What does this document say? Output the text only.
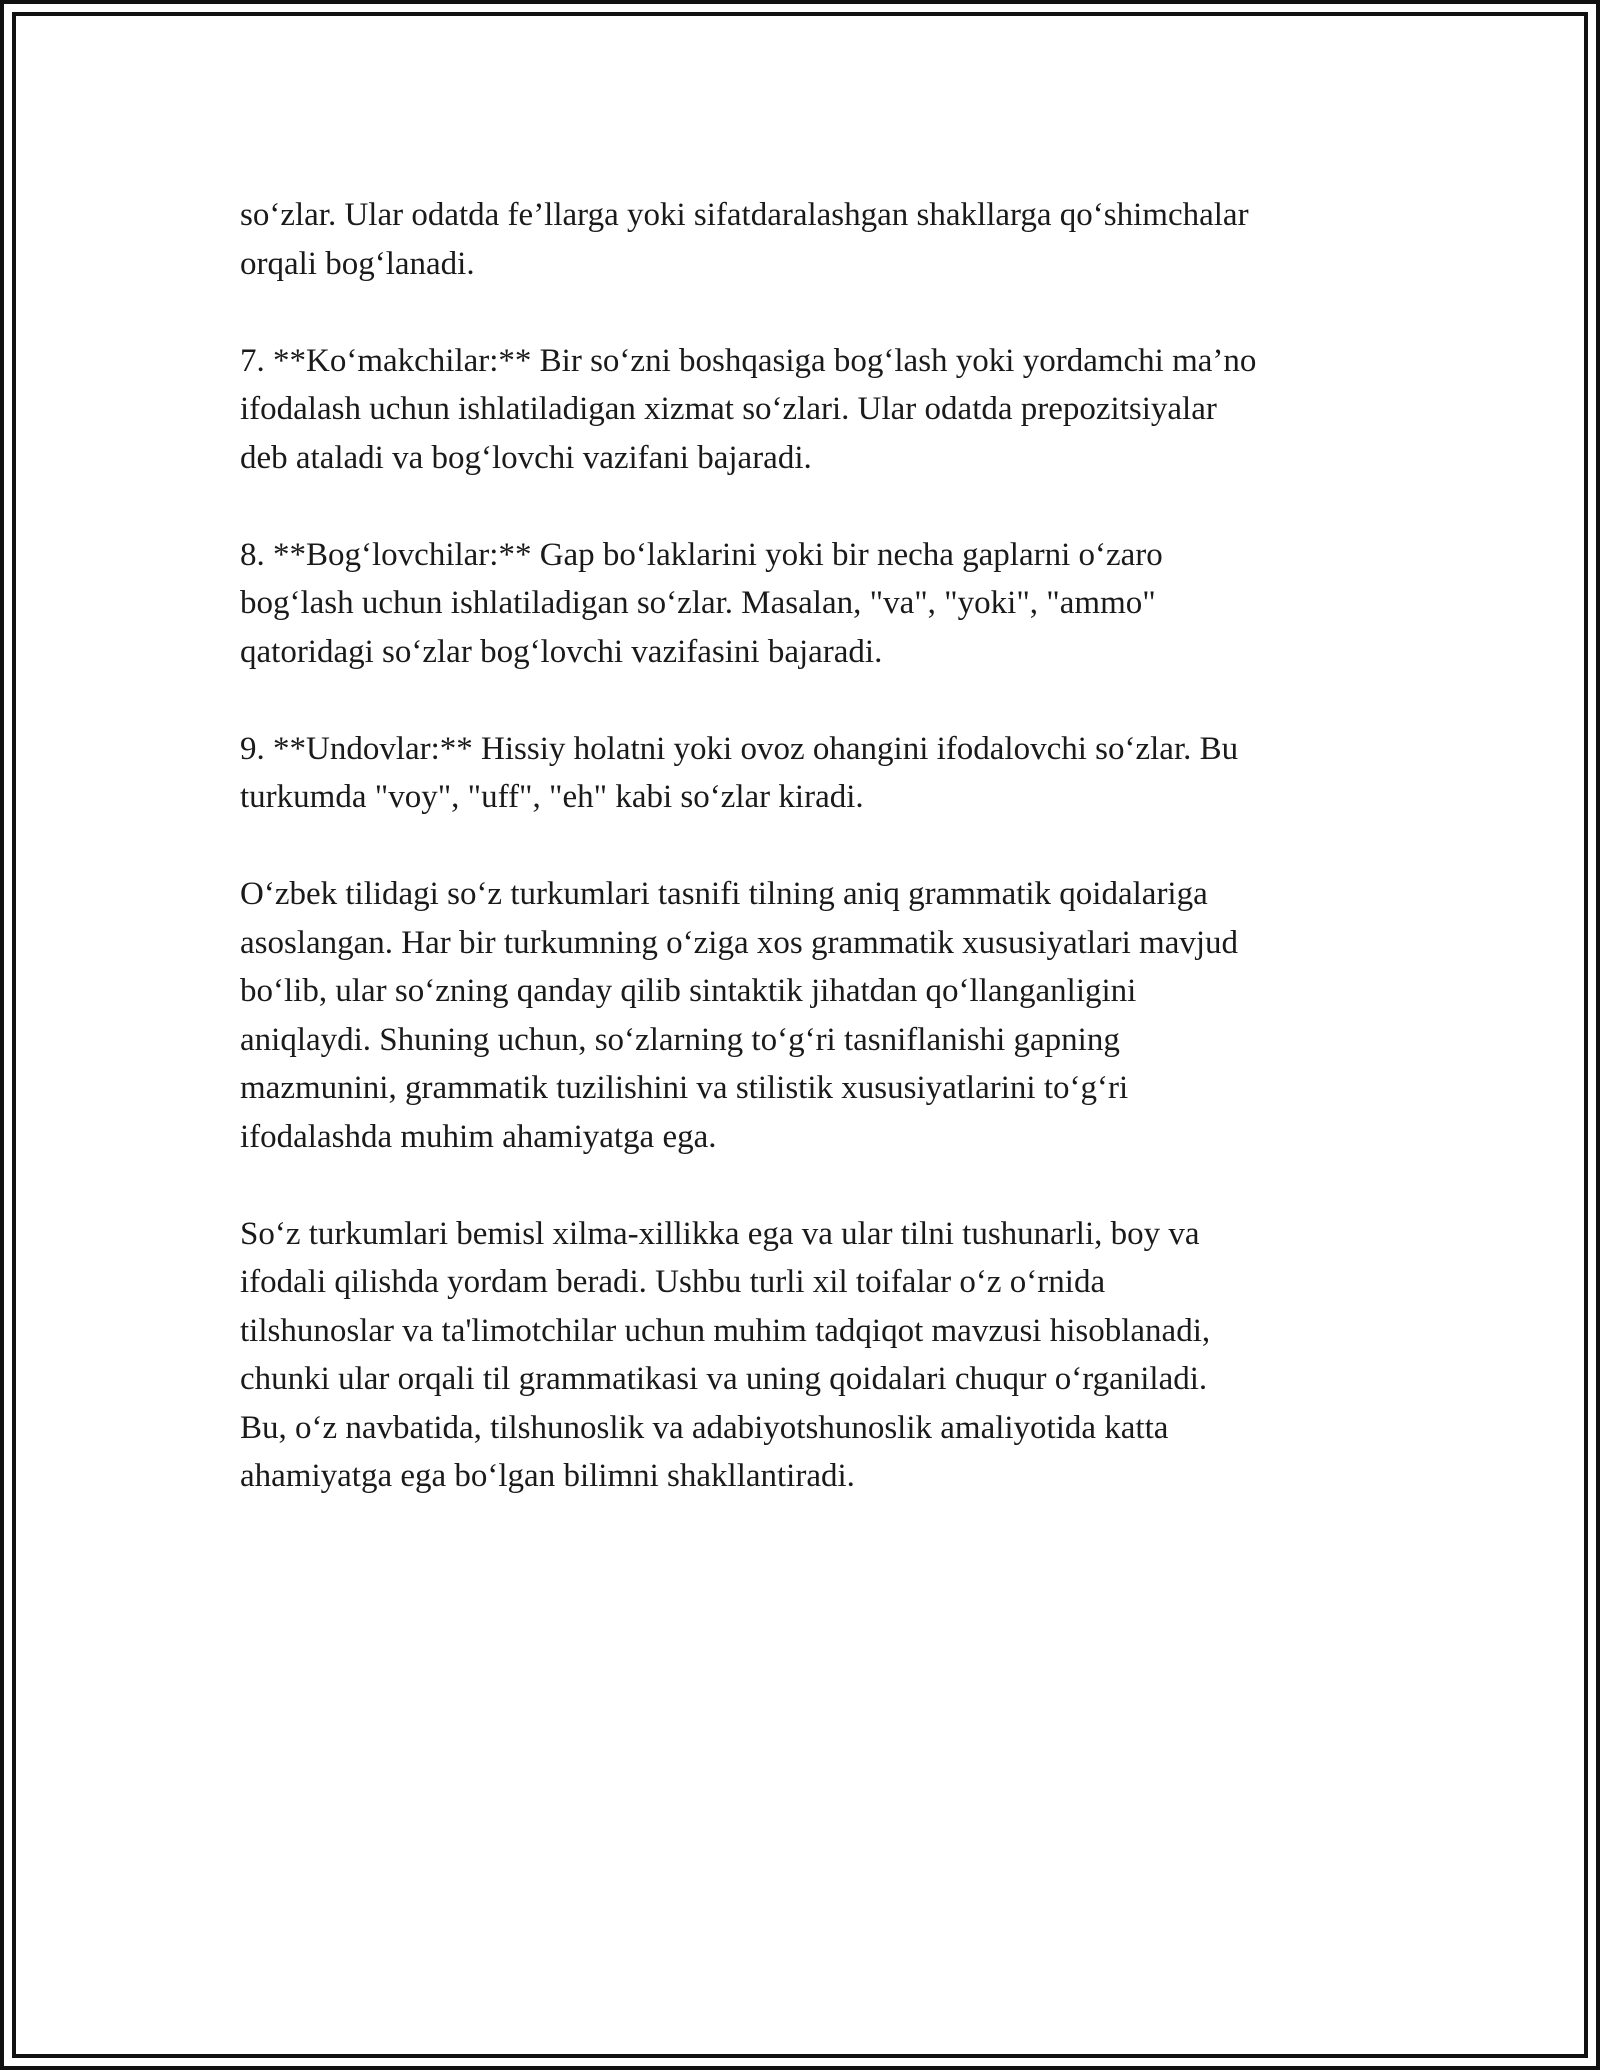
so‘zlar. Ular odatda fe’llarga yoki sifatdaralashgan shakllarga qo‘shimchalar
orqali bog‘lanadi.

7. **Ko‘makchilar:** Bir so‘zni boshqasiga bog‘lash yoki yordamchi ma’no
ifodalash uchun ishlatiladigan xizmat so‘zlari. Ular odatda prepozitsiyalar
deb ataladi va bog‘lovchi vazifani bajaradi.

8. **Bog‘lovchilar:** Gap bo‘laklarini yoki bir necha gaplarni o‘zaro
bog‘lash uchun ishlatiladigan so‘zlar. Masalan, "va", "yoki", "ammo"
qatoridagi so‘zlar bog‘lovchi vazifasini bajaradi.

9. **Undovlar:** Hissiy holatni yoki ovoz ohangini ifodalovchi so‘zlar. Bu
turkumda "voy", "uff", "eh" kabi so‘zlar kiradi.

O‘zbek tilidagi so‘z turkumlari tasnifi tilning aniq grammatik qoidalariga
asoslangan. Har bir turkumning o‘ziga xos grammatik xususiyatlari mavjud
bo‘lib, ular so‘zning qanday qilib sintaktik jihatdan qo‘llanganligini
aniqlaydi. Shuning uchun, so‘zlarning to‘g‘ri tasniflanishi gapning
mazmunini, grammatik tuzilishini va stilistik xususiyatlarini to‘g‘ri
ifodalashda muhim ahamiyatga ega.

So‘z turkumlari bemisl xilma-xillikka ega va ular tilni tushunarli, boy va
ifodali qilishda yordam beradi. Ushbu turli xil toifalar o‘z o‘rnida
tilshunoslar va ta'limotchilar uchun muhim tadqiqot mavzusi hisoblanadi,
chunki ular orqali til grammatikasi va uning qoidalari chuqur o‘rganiladi.
Bu, o‘z navbatida, tilshunoslik va adabiyotshunoslik amaliyotida katta
ahamiyatga ega bo‘lgan bilimni shakllantiradi.
